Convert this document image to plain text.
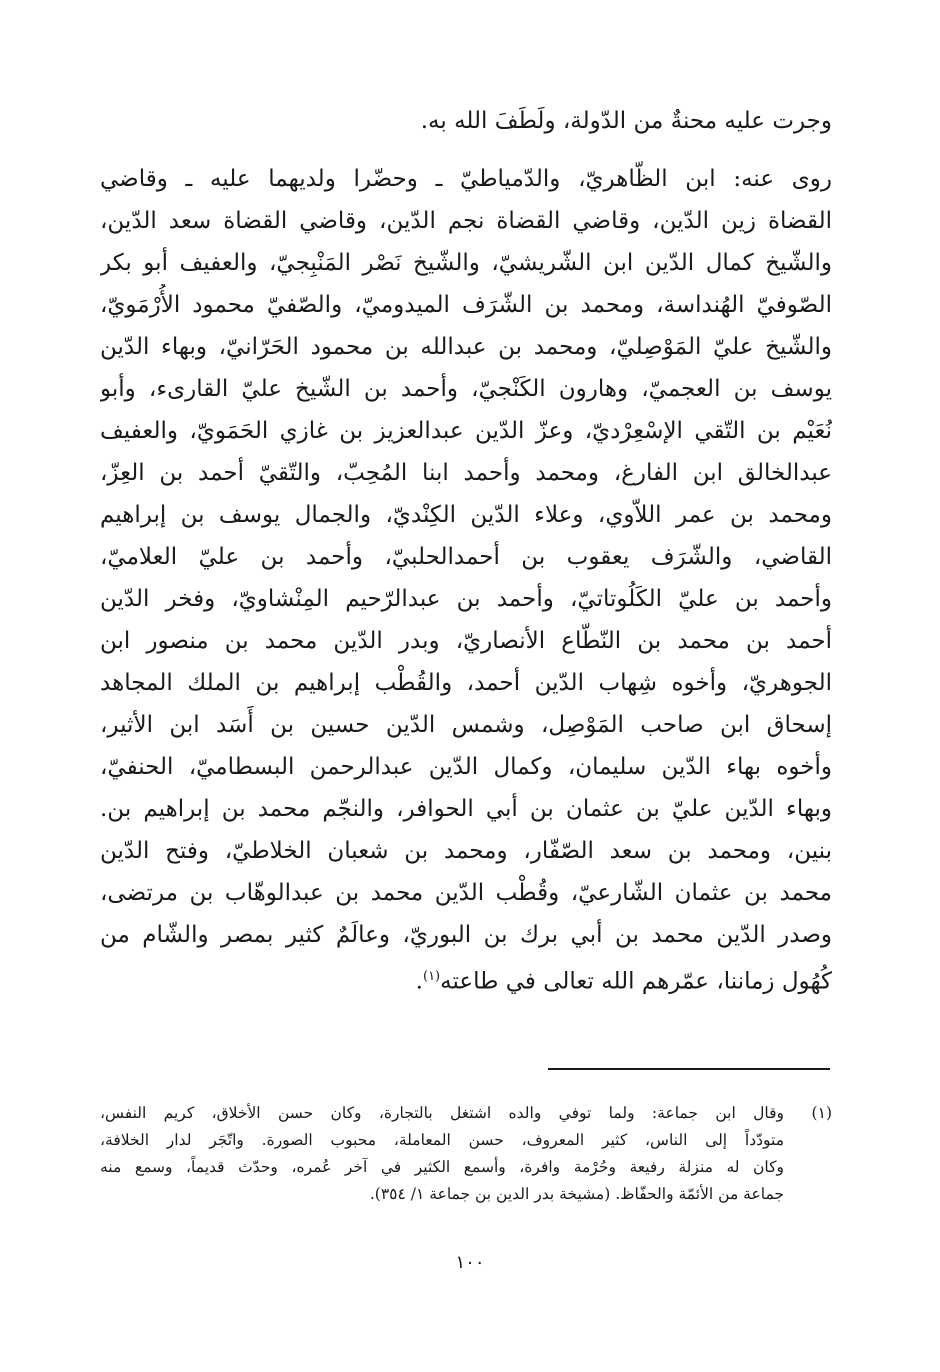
وجرت عليه محنةٌ من الدّولة، ولَطَفَ الله به.
روى عنه: ابن الظّاهريّ، والدّمياطيّ ـ وحضّرا ولديهما عليه ـ وقاضي
القضاة زين الدّين، وقاضي القضاة نجم الدّين، وقاضي القضاة سعد الدّين،
والشّيخ كمال الدّين ابن الشّريشيّ، والشّيخ نَصْر المَنْبِجيّ، والعفيف أبو بكر
الصّوفيّ الهُنداسة، ومحمد بن الشّرَف الميدوميّ، والصّفيّ محمود الأُرْمَويّ،
والشّيخ عليّ المَوْصِليّ، ومحمد بن عبدالله بن محمود الحَرّانيّ، وبهاء الدّين
يوسف بن العجميّ، وهارون الكَنْجيّ، وأحمد بن الشّيخ عليّ القارىء، وأبو
نُعَيْم بن التّقي الإسْعِرْديّ، وعزّ الدّين عبدالعزيز بن غازي الحَمَويّ، والعفيف
عبدالخالق ابن الفارغ، ومحمد وأحمد ابنا المُحِبّ، والتّقيّ أحمد بن العِزّ،
ومحمد بن عمر اللاّوي، وعلاء الدّين الكِنْديّ، والجمال يوسف بن إبراهيم
القاضي، والشّرَف يعقوب بن أحمدالحلبيّ، وأحمد بن عليّ العلاميّ،
وأحمد بن عليّ الكَلُوتاتيّ، وأحمد بن عبدالرّحيم المِنْشاويّ، وفخر الدّين
أحمد بن محمد بن النّطّاع الأنصاريّ، وبدر الدّين محمد بن منصور ابن
الجوهريّ، وأخوه شِهاب الدّين أحمد، والقُطْب إبراهيم بن الملك المجاهد
إسحاق ابن صاحب المَوْصِل، وشمس الدّين حسين بن أَسَد ابن الأثير،
وأخوه بهاء الدّين سليمان، وكمال الدّين عبدالرحمن البسطاميّ، الحنفيّ،
وبهاء الدّين عليّ بن عثمان بن أبي الحوافر، والنجّم محمد بن إبراهيم بن.
بنين، ومحمد بن سعد الصّفّار، ومحمد بن شعبان الخلاطيّ، وفتح الدّين
محمد بن عثمان الشّارعيّ، وقُطْب الدّين محمد بن عبدالوهّاب بن مرتضى،
وصدر الدّين محمد بن أبي برك بن البوريّ، وعالَمٌ كثير بمصر والشّام من
كُهُول زماننا، عمّرهم الله تعالى في طاعته$^{(١)}$.
(١)
وقال ابن جماعة: ولما توفي والده اشتغل بالتجارة، وكان حسن الأخلاق، كريم النفس،
متودّداً إلى الناس، كثير المعروف، حسن المعاملة، محبوب الصورة. واتّجَر لدار الخلافة،
وكان له منزلة رفيعة وحُرْمة وافرة، وأسمع الكثير في آخر عُمره، وحدّث قديماً، وسمع منه
جماعة من الأئمّة والحفّاظ. (مشيخة بدر الدين بن جماعة ١/ ٣٥٤).
١٠٠
